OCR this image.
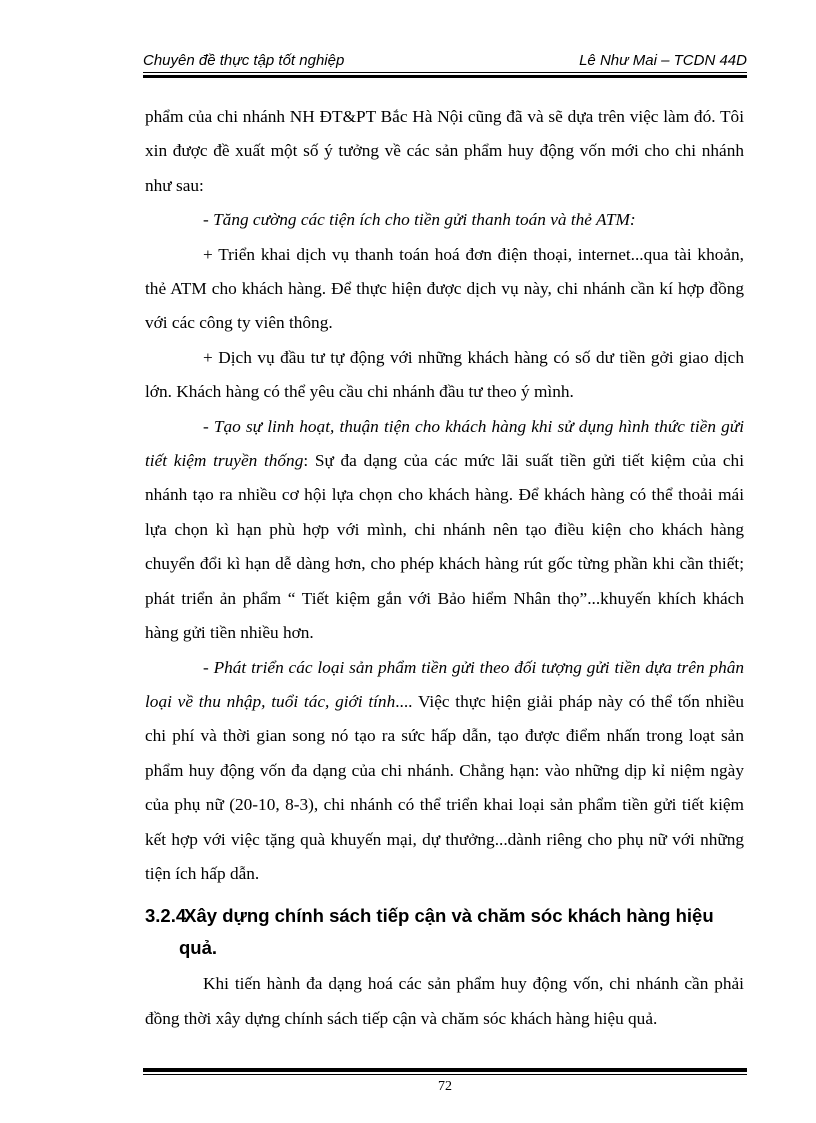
Chuyên đề thực tập tốt nghiệp	Lê Như Mai – TCDN 44D

phẩm của chi nhánh NH ĐT&PT Bắc Hà Nội cũng đã và sẽ dựa trên việc làm đó. Tôi xin được đề xuất một số ý tưởng về các sản phẩm huy động vốn mới cho chi nhánh như sau:

- Tăng cường các tiện ích cho tiền gửi thanh toán và thẻ ATM:

+ Triển khai dịch vụ thanh toán hoá đơn điện thoại, internet...qua tài khoản, thẻ ATM cho khách hàng. Để thực hiện được dịch vụ này, chi nhánh cần kí hợp đồng với các công ty viên thông.

+ Dịch vụ đầu tư tự động với những khách hàng có số dư tiền gởi giao dịch lớn. Khách hàng có thể yêu cầu chi nhánh đầu tư theo ý mình.

- Tạo sự linh hoạt, thuận tiện cho khách hàng khi sử dụng hình thức tiền gửi tiết kiệm truyền thống: Sự đa dạng của các mức lãi suất tiền gửi tiết kiệm của chi nhánh tạo ra nhiều cơ hội lựa chọn cho khách hàng. Để khách hàng có thể thoải mái lựa chọn kì hạn phù hợp với mình, chi nhánh nên tạo điều kiện cho khách hàng chuyển đổi kì hạn dễ dàng hơn, cho phép khách hàng rút gốc từng phần khi cần thiết; phát triển ản phẩm “ Tiết kiệm gắn với Bảo hiểm Nhân thọ”...khuyến khích khách hàng gửi tiền nhiều hơn.

- Phát triển các loại sản phẩm tiền gửi theo đối tượng gửi tiền dựa trên phân loại về thu nhập, tuổi tác, giới tính.... Việc thực hiện giải pháp này có thể tốn nhiều chi phí và thời gian song nó tạo ra sức hấp dẫn, tạo được điểm nhấn trong loạt sản phẩm huy động vốn đa dạng của chi nhánh. Chẳng hạn: vào những dịp kỉ niệm ngày của phụ nữ (20-10, 8-3), chi nhánh có thể triển khai loại sản phẩm tiền gửi tiết kiệm kết hợp với việc tặng quà khuyến mại, dự thưởng...dành riêng cho phụ nữ với những tiện ích hấp dẫn.

3.2.4 Xây dựng chính sách tiếp cận và chăm sóc khách hàng hiệu quả.

Khi tiến hành đa dạng hoá các sản phẩm huy động vốn, chi nhánh cần phải đồng thời xây dựng chính sách tiếp cận và chăm sóc khách hàng hiệu quả.

72
